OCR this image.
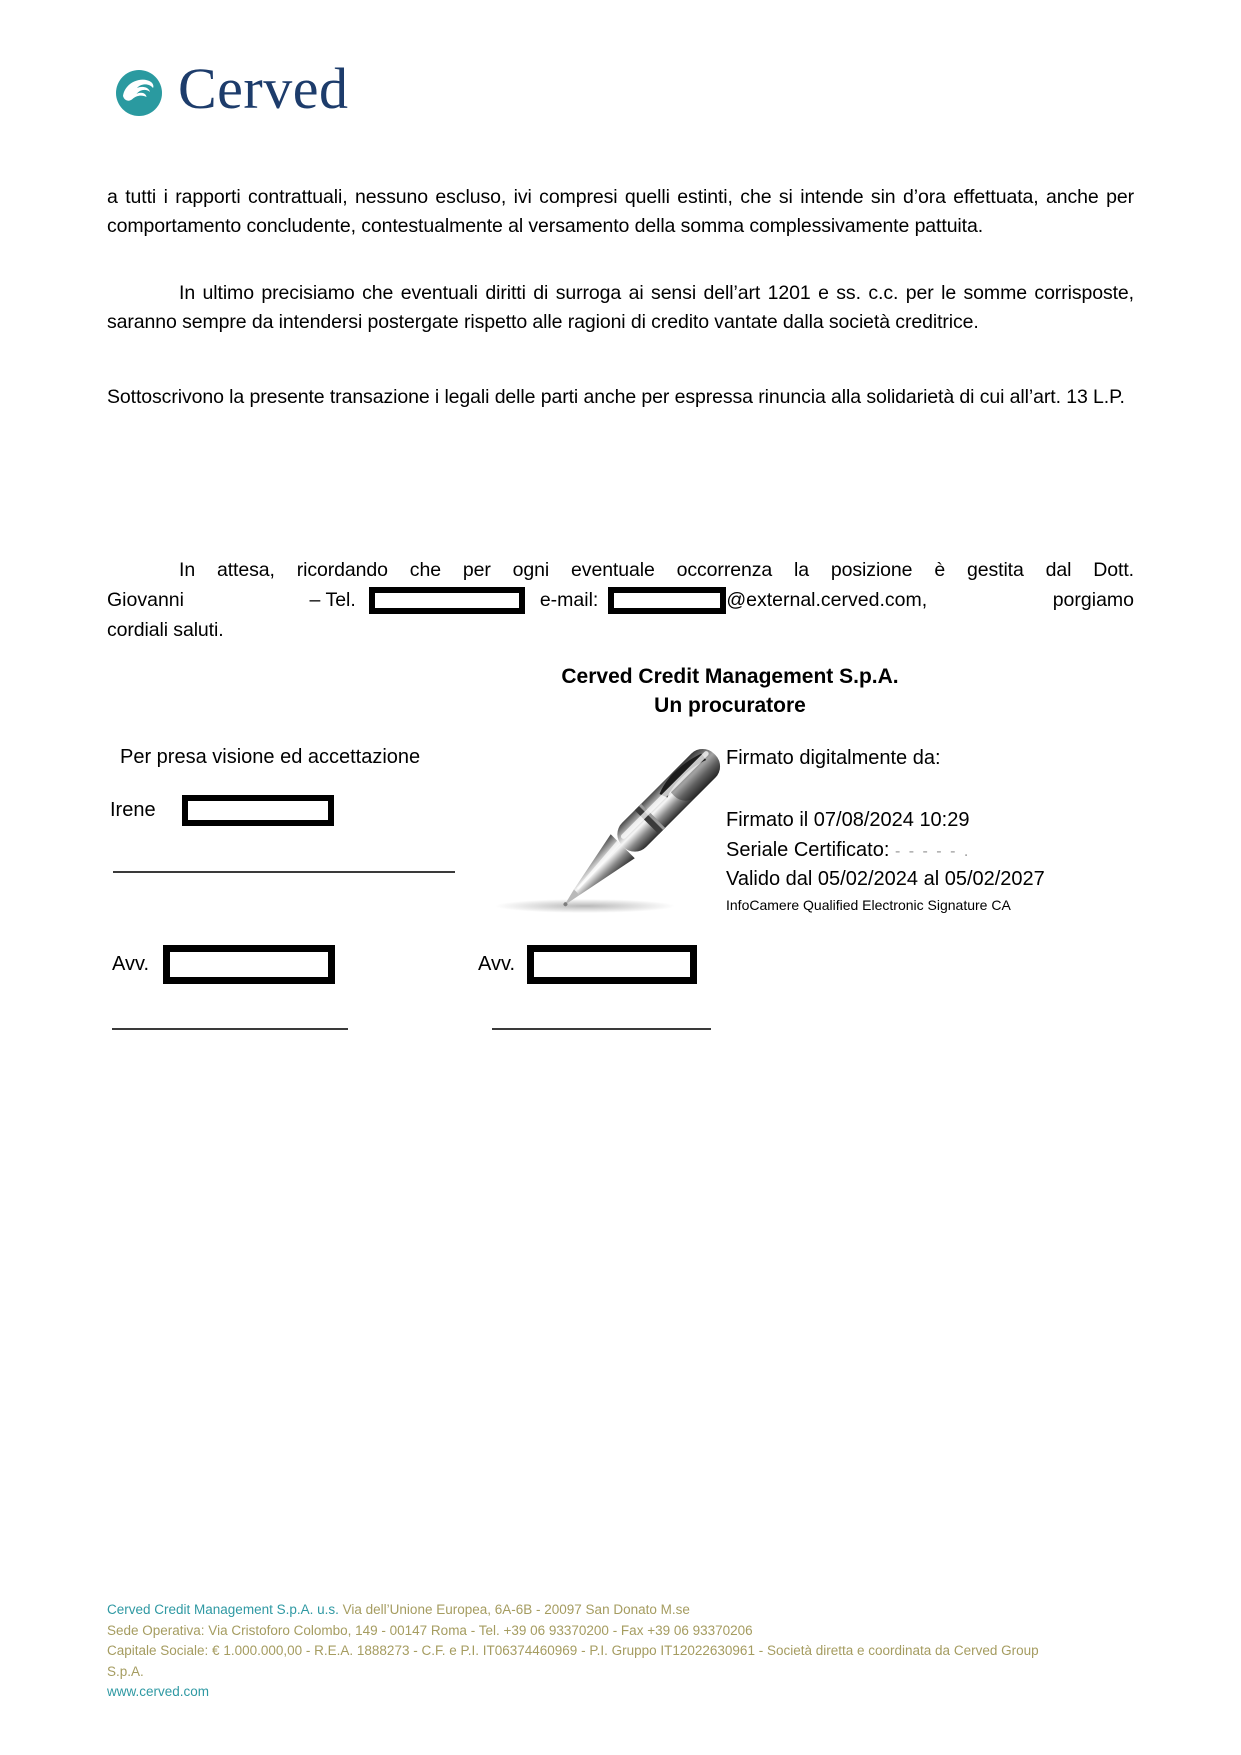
Cerved
a tutti i rapporti contrattuali, nessuno escluso, ivi compresi quelli estinti, che si intende sin d’ora effettuata, anche per comportamento concludente, contestualmente al versamento della somma complessivamente pattuita.
In ultimo precisiamo che eventuali diritti di surroga ai sensi dell’art 1201 e ss. c.c. per le somme corrisposte, saranno sempre da intendersi postergate rispetto alle ragioni di credito vantate dalla società creditrice.
Sottoscrivono la presente transazione i legali delle parti anche per espressa rinuncia alla solidarietà di cui all’art. 13 L.P.
In attesa, ricordando che per ogni eventuale occorrenza la posizione è gestita dal Dott.
Giovanni	– Tel.	e-mail:	@external.cerved.com,	porgiamo
cordiali saluti.
Cerved Credit Management S.p.A.
Un procuratore
Per presa visione ed accettazione
Irene
Firmato digitalmente da:
Firmato il 07/08/2024 10:29
Seriale Certificato: - - - - - .
Valido dal 05/02/2024 al 05/02/2027
InfoCamere Qualified Electronic Signature CA
Avv.	Avv.
Cerved Credit Management S.p.A. u.s. Via dell’Unione Europea, 6A-6B - 20097 San Donato M.se
Sede Operativa: Via Cristoforo Colombo, 149 - 00147 Roma - Tel. +39 06 93370200 - Fax +39 06 93370206
Capitale Sociale: € 1.000.000,00 - R.E.A. 1888273 - C.F. e P.I. IT06374460969 - P.I. Gruppo IT12022630961 - Società diretta e coordinata da Cerved Group S.p.A.
www.cerved.com
